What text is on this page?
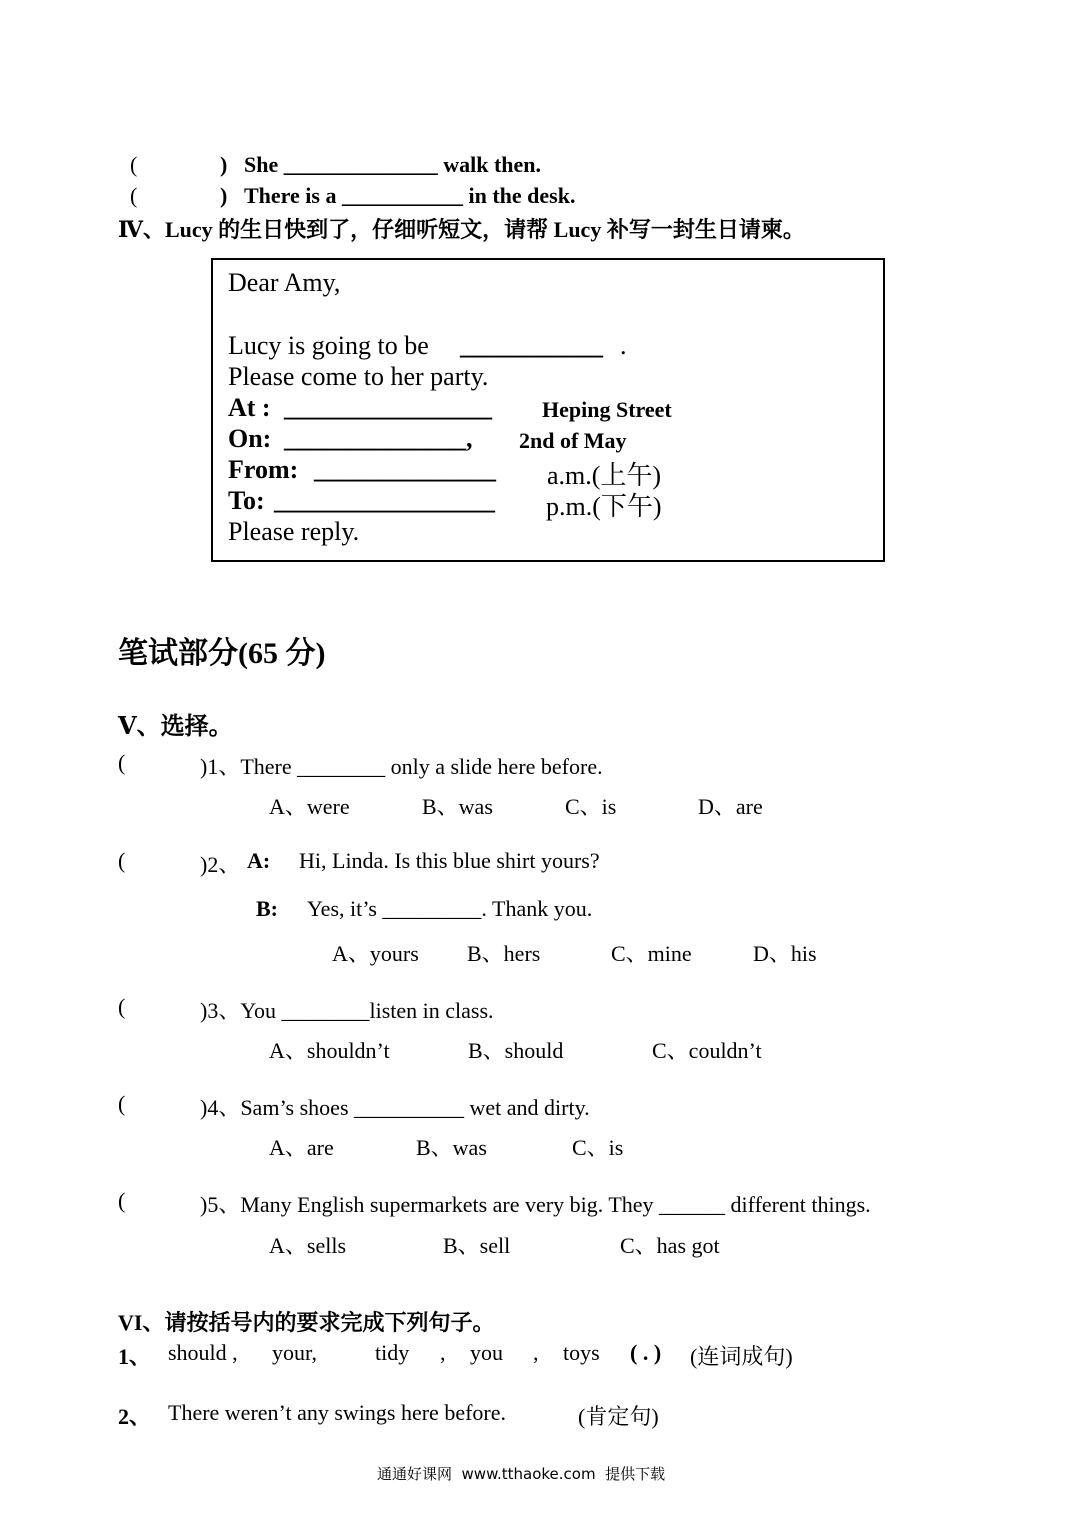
(	) She ______________ walk then.
(	) There is a ___________ in the desk.
Ⅳ、Lucy 的生日快到了，仔细听短文，请帮 Lucy 补写一封生日请柬。
Dear Amy,
Lucy is going to be ___________ .
Please come to her party.
At : ________________ Heping Street
On: ______________, 2nd of May
From: ______________ a.m.(上午)
To: _________________ p.m.(下午)
Please reply.
笔试部分(65 分)
Ⅴ、选择。
(	)1、There ________ only a slide here before.
A、were	B、was	C、is	D、are
(	)2、 A: Hi, Linda. Is this blue shirt yours?
B: Yes, it’s _________. Thank you.
A、yours B、hers	C、mine	D、his
(	)3、You ________listen in class.
A、shouldn’t	B、should	C、couldn’t
(	)4、Sam’s shoes __________ wet and dirty.
A、are	B、was	C、is
(	)5、Many English supermarkets are very big. They ______ different things.
A、sells	B、sell	C、has got
VI、请按括号内的要求完成下列句子。
1、 should , your,	tidy , you , toys ( . ) (连词成句)
2、 There weren’t any swings here before.	(肯定句)
通通好课网  www.tthaoke.com  提供下载
